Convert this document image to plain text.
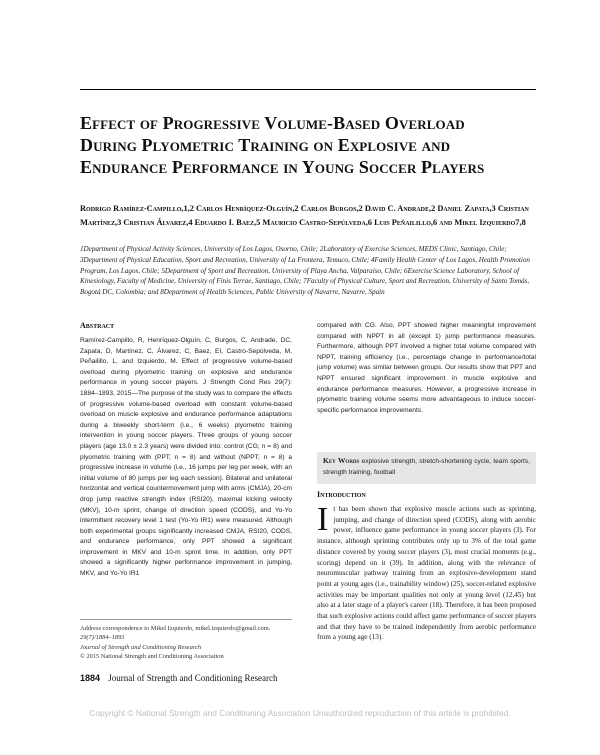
Effect of Progressive Volume-Based Overload During Plyometric Training on Explosive and Endurance Performance in Young Soccer Players
Rodrigo Ramírez-Campillo,1,2 Carlos Henríquez-Olguín,2 Carlos Burgos,2 David C. Andrade,2 Daniel Zapata,3 Cristian Martínez,3 Cristian Álvarez,4 Eduardo I. Baez,5 Mauricio Castro-Sepúlveda,6 Luis Peñailillo,6 and Mikel Izquierdo7,8
1Department of Physical Activity Sciences, University of Los Lagos, Osorno, Chile; 2Laboratory of Exercise Sciences, MEDS Clinic, Santiago, Chile; 3Department of Physical Education, Sport and Recreation, University of La Frontera, Temuco, Chile; 4Family Health Center of Los Lagos, Health Promotion Program, Los Lagos, Chile; 5Department of Sport and Recreation, University of Playa Ancha, Valparaíso, Chile; 6Exercise Science Laboratory, School of Kinesiology, Faculty of Medicine, University of Finis Terrae, Santiago, Chile; 7Faculty of Physical Culture, Sport and Recreation, University of Santo Tomás, Bogotá DC, Colombia; and 8Department of Health Sciences, Public University of Navarre, Navarre, Spain
Abstract
Ramírez-Campillo, R, Henríquez-Olguín, C, Burgos, C, Andrade, DC, Zapata, D, Martínez, C, Álvarez, C, Baez, EI, Castro-Sepúlveda, M, Peñailillo, L, and Izquierdo, M. Effect of progressive volume-based overload during plyometric training on explosive and endurance performance in young soccer players. J Strength Cond Res 29(7): 1884–1893, 2015—The purpose of the study was to compare the effects of progressive volume-based overload with constant volume-based overload on muscle explosive and endurance performance adaptations during a biweekly short-term (i.e., 6 weeks) plyometric training intervention in young soccer players. Three groups of young soccer players (age 13.0 ± 2.3 years) were divided into: control (CG; n = 8) and plyometric training with (PPT; n = 8) and without (NPPT; n = 8) a progressive increase in volume (i.e., 16 jumps per leg per week, with an initial volume of 80 jumps per leg each session). Bilateral and unilateral horizontal and vertical countermovement jump with arms (CMJA), 20-cm drop jump reactive strength index (RSI20), maximal kicking velocity (MKV), 10-m sprint, change of direction speed (CODS), and Yo-Yo intermittent recovery level 1 test (Yo-Yo IR1) were measured. Although both experimental groups significantly increased CMJA, RSI20, CODS, and endurance performance, only PPT showed a significant improvement in MKV and 10-m sprint time. In addition, only PPT showed a significantly higher performance improvement in jumping, MKV, and Yo-Yo IR1
compared with CG. Also, PPT showed higher meaningful improvement compared with NPPT in all (except 1) jump performance measures. Furthermore, although PPT involved a higher total volume compared with NPPT, training efficiency (i.e., percentage change in performance/total jump volume) was similar between groups. Our results show that PPT and NPPT ensured significant improvement in muscle explosive and endurance performance measures. However, a progressive increase in plyometric training volume seems more advantageous to induce soccer-specific performance improvements.
Key Words explosive strength, stretch-shortening cycle, team sports, strength training, football
Introduction
I t has been shown that explosive muscle actions such as sprinting, jumping, and change of direction speed (CODS), along with aerobic power, influence game performance in young soccer players (3). For instance, although sprinting contributes only up to 3% of the total game distance covered by young soccer players (3), most crucial moments (e.g., scoring) depend on it (39). In addition, along with the relevance of neuromuscular pathway training from an explosive-development stand point at young ages (i.e., trainability window) (25), soccer-related explosive activities may be important qualities not only at young level (12,45) but also at a later stage of a player's career (18). Therefore, it has been proposed that such explosive actions could affect game performance of soccer players and that they have to be trained independently from aerobic performance from a young age (13).
Address correspondence to Mikel Izquierdo, mikel.izquierdo@gmail.com.
29(7)/1884–1893
Journal of Strength and Conditioning Research
© 2015 National Strength and Conditioning Association
1884 Journal of Strength and Conditioning Research
Copyright © National Strength and Conditioning Association Unauthorized reproduction of this article is prohibited.
